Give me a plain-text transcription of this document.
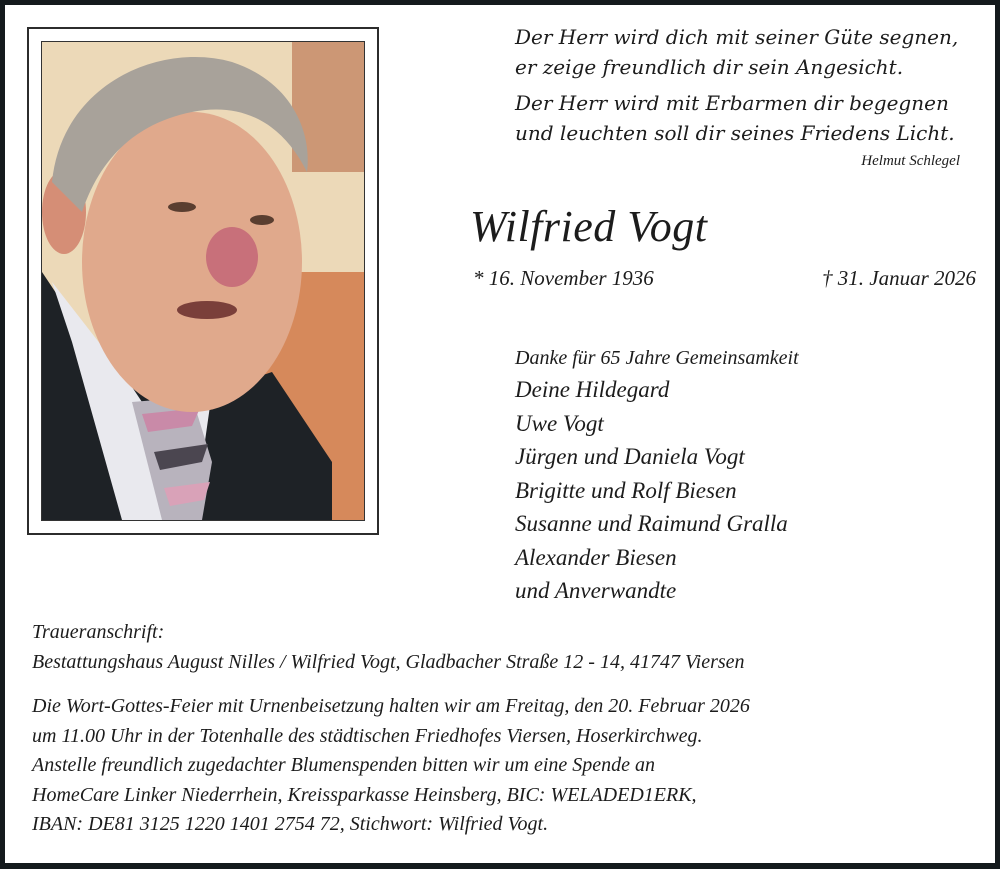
Der Herr wird dich mit seiner Güte segnen,
er zeige freundlich dir sein Angesicht.

Der Herr wird mit Erbarmen dir begegnen
und leuchten soll dir seines Friedens Licht.

Helmut Schlegel
Wilfried Vogt
* 16. November 1936	† 31. Januar 2026
Danke für 65 Jahre Gemeinsamkeit
Deine Hildegard
Uwe Vogt
Jürgen und Daniela Vogt
Brigitte und Rolf Biesen
Susanne und Raimund Gralla
Alexander Biesen
und Anverwandte
Traueranschrift:
Bestattungshaus August Nilles / Wilfried Vogt, Gladbacher Straße 12 - 14, 41747 Viersen
Die Wort-Gottes-Feier mit Urnenbeisetzung halten wir am Freitag, den 20. Februar 2026
um 11.00 Uhr in der Totenhalle des städtischen Friedhofes Viersen, Hoserkirchweg.
Anstelle freundlich zugedachter Blumenspenden bitten wir um eine Spende an
HomeCare Linker Niederrhein, Kreissparkasse Heinsberg, BIC: WELADED1ERK,
IBAN: DE81 3125 1220 1401 2754 72, Stichwort: Wilfried Vogt.
